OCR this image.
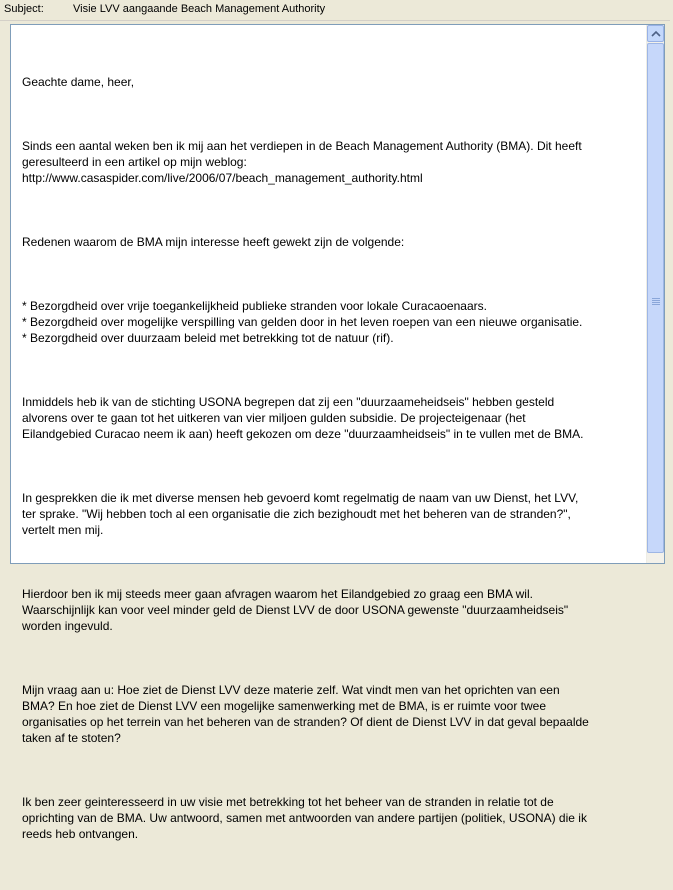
Subject:	Visie LVV aangaande Beach Management Authority

Geachte dame, heer,

Sinds een aantal weken ben ik mij aan het verdiepen in de Beach Management Authority (BMA). Dit heeft
geresulteerd in een artikel op mijn weblog:
http://www.casaspider.com/live/2006/07/beach_management_authority.html

Redenen waarom de BMA mijn interesse heeft gewekt zijn de volgende:

* Bezorgdheid over vrije toegankelijkheid publieke stranden voor lokale Curacaoenaars.
* Bezorgdheid over mogelijke verspilling van gelden door in het leven roepen van een nieuwe organisatie.
* Bezorgdheid over duurzaam beleid met betrekking tot de natuur (rif).

Inmiddels heb ik van de stichting USONA begrepen dat zij een "duurzaameheidseis" hebben gesteld
alvorens over te gaan tot het uitkeren van vier miljoen gulden subsidie. De projecteigenaar (het
Eilandgebied Curacao neem ik aan) heeft gekozen om deze "duurzaamheidseis" in te vullen met de BMA.

In gesprekken die ik met diverse mensen heb gevoerd komt regelmatig de naam van uw Dienst, het LVV,
ter sprake. "Wij hebben toch al een organisatie die zich bezighoudt met het beheren van de stranden?",
vertelt men mij.

Hierdoor ben ik mij steeds meer gaan afvragen waarom het Eilandgebied zo graag een BMA wil.
Waarschijnlijk kan voor veel minder geld de Dienst LVV de door USONA gewenste "duurzaamheidseis"
worden ingevuld.

Mijn vraag aan u: Hoe ziet de Dienst LVV deze materie zelf. Wat vindt men van het oprichten van een
BMA? En hoe ziet de Dienst LVV een mogelijke samenwerking met de BMA, is er ruimte voor twee
organisaties op het terrein van het beheren van de stranden? Of dient de Dienst LVV in dat geval bepaalde
taken af te stoten?

Ik ben zeer geinteresseerd in uw visie met betrekking tot het beheer van de stranden in relatie tot de
oprichting van de BMA. Uw antwoord, samen met antwoorden van andere partijen (politiek, USONA) die ik
reeds heb ontvangen.
